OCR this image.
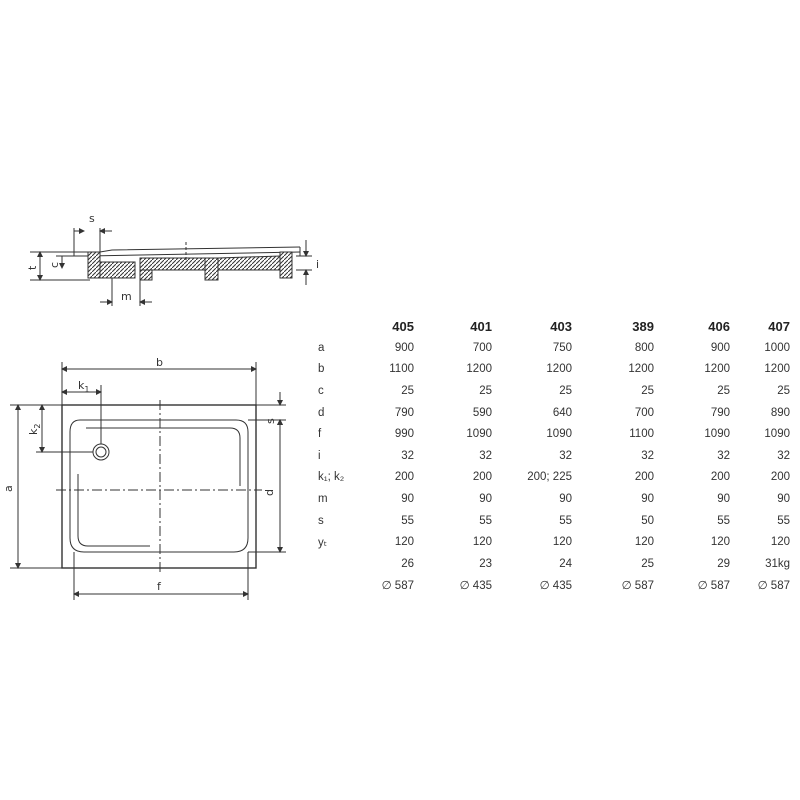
s
t c	i
m
b
$k_1$
$k_2$
a
s
d
f
	405	401	403	389	406	407
a	900	700	750	800	900	1000
b	1100	1200	1200	1200	1200	1200
c	25	25	25	25	25	25
d	790	590	640	700	790	890
f	990	1090	1090	1100	1090	1090
i	32	32	32	32	32	32
k₁; k₂	200	200	200; 225	200	200	200
m	90	90	90	90	90	90
s	55	55	55	50	55	55
yₜ	120	120	120	120	120	120
	26	23	24	25	29	31kg
	∅ 587	∅ 435	∅ 435	∅ 587	∅ 587	∅ 587
